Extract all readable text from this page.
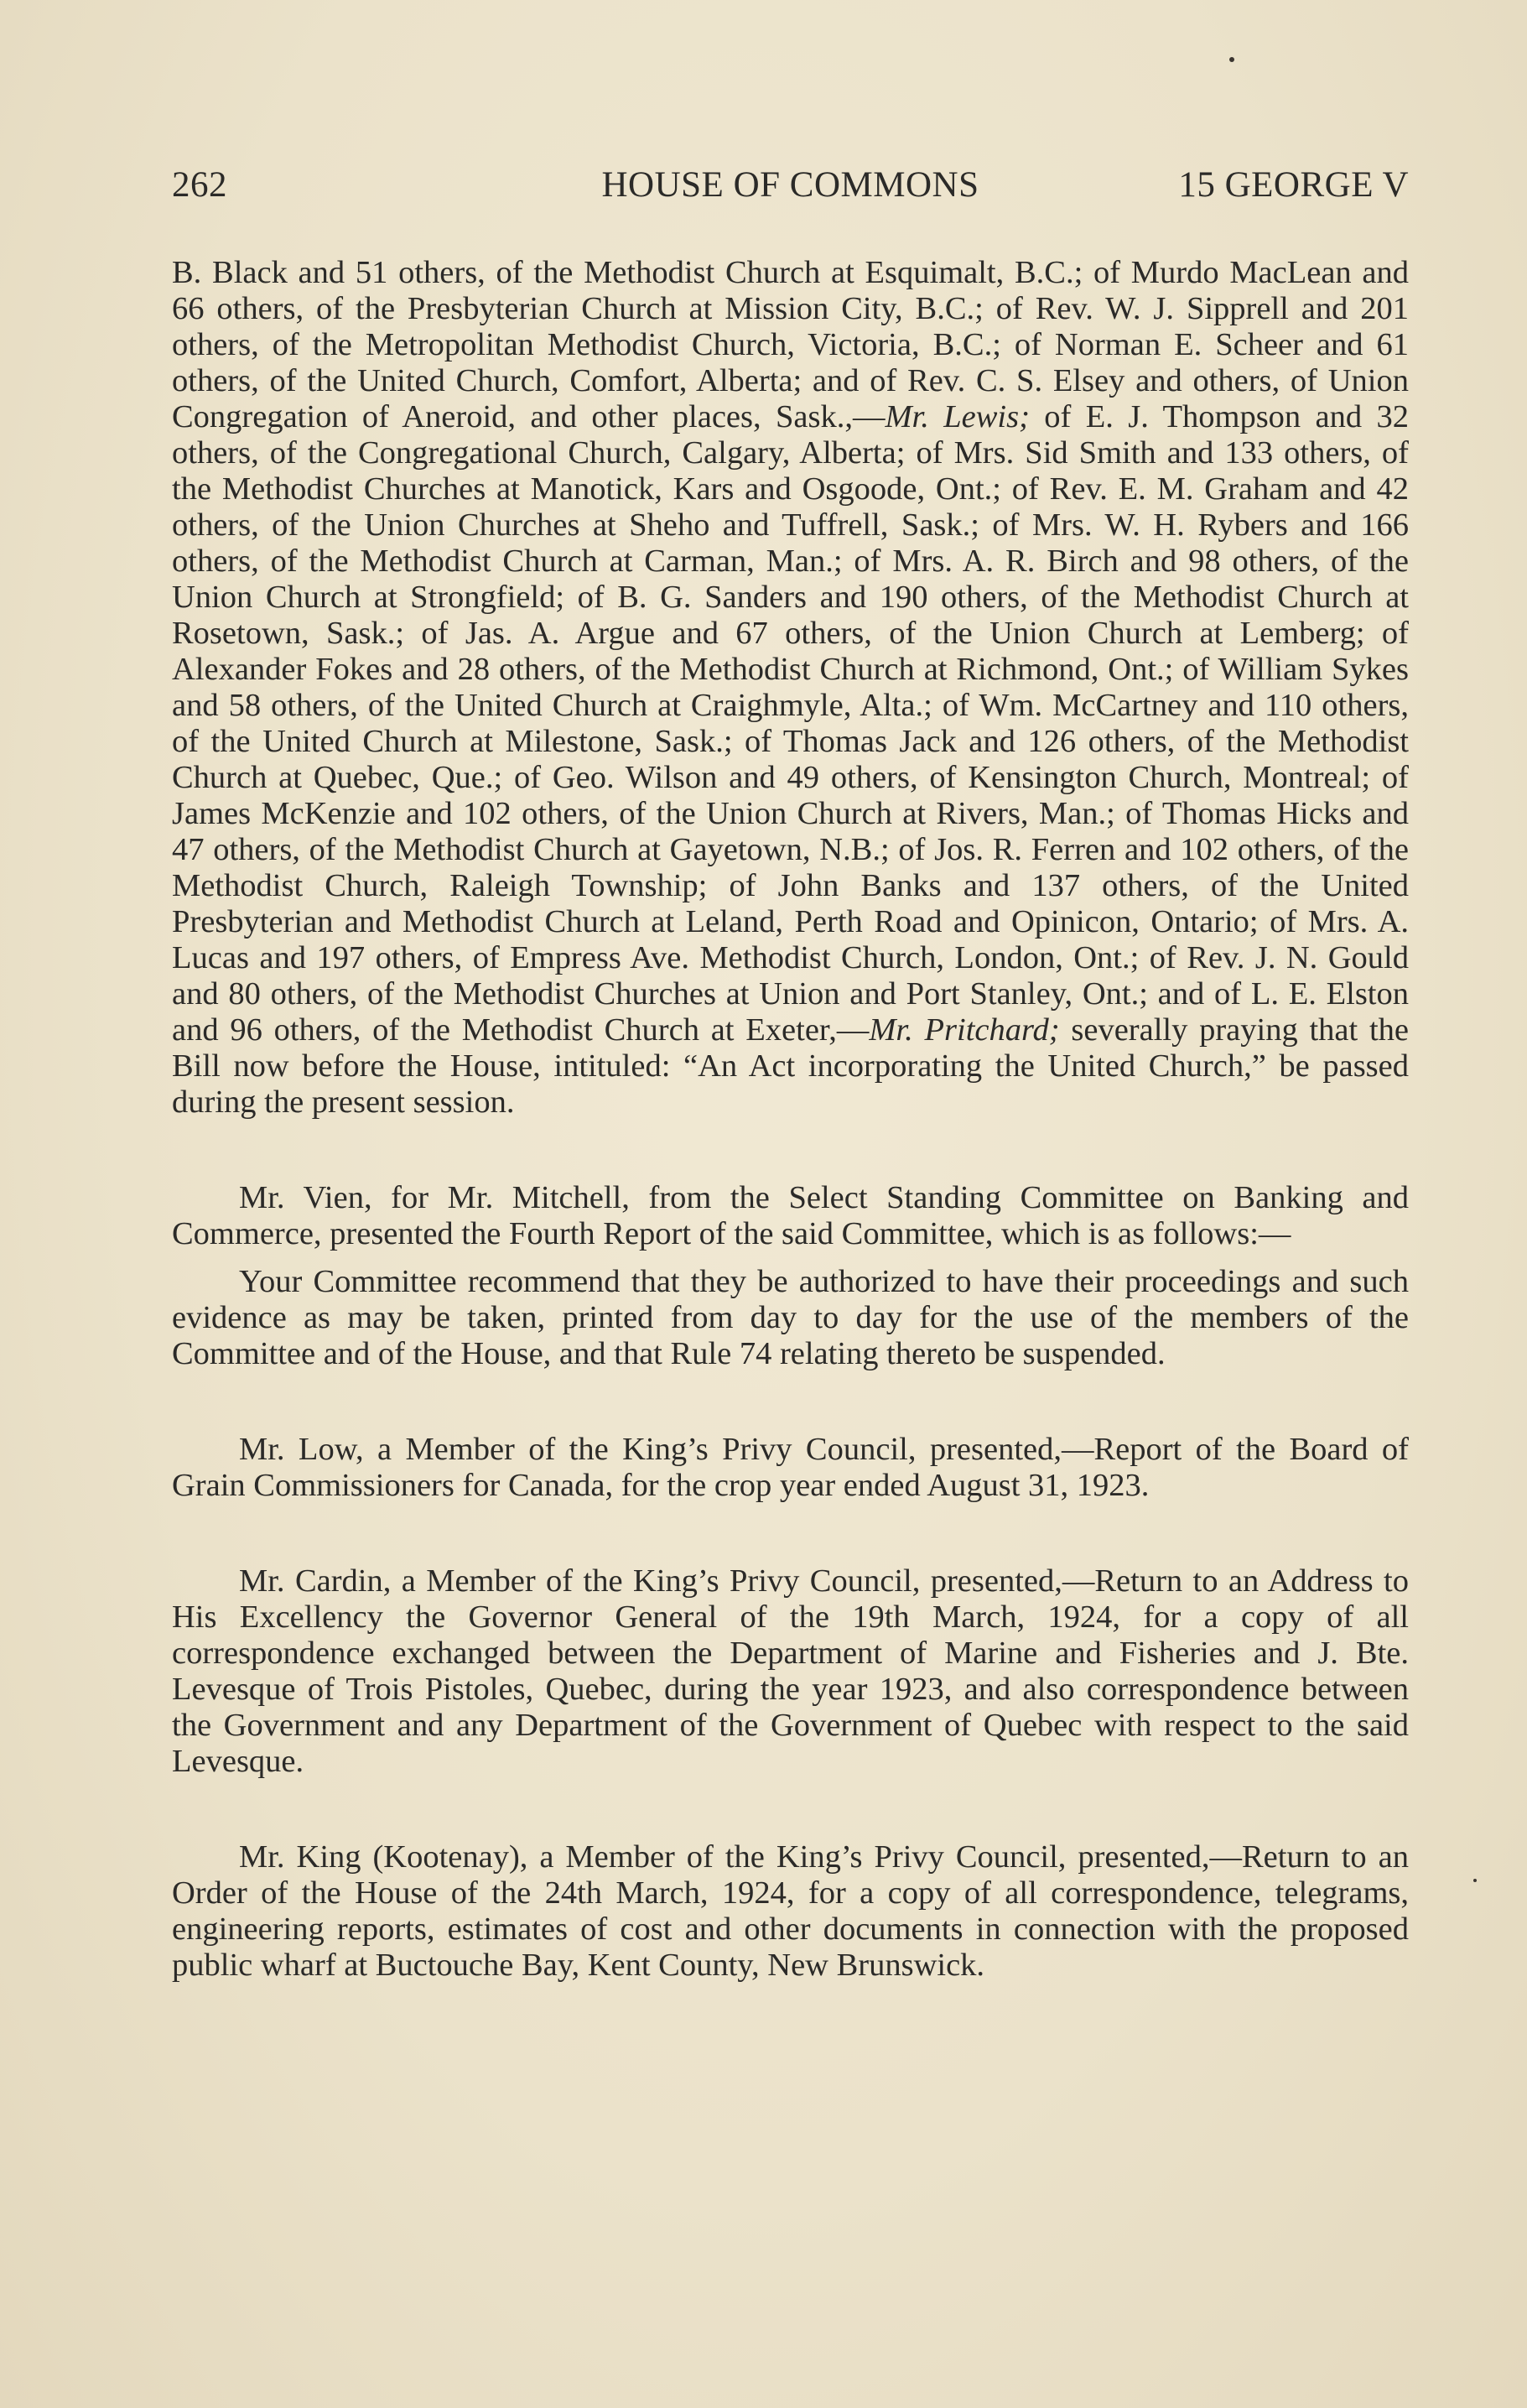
262	HOUSE OF COMMONS	15 GEORGE V

B. Black and 51 others, of the Methodist Church at Esquimalt, B.C.; of Murdo MacLean and 66 others, of the Presbyterian Church at Mission City, B.C.; of Rev. W. J. Sipprell and 201 others, of the Metropolitan Methodist Church, Victoria, B.C.; of Norman E. Scheer and 61 others, of the United Church, Comfort, Alberta; and of Rev. C. S. Elsey and others, of Union Congregation of Aneroid, and other places, Sask.,—Mr. Lewis; of E. J. Thompson and 32 others, of the Congregational Church, Calgary, Alberta; of Mrs. Sid Smith and 133 others, of the Methodist Churches at Manotick, Kars and Osgoode, Ont.; of Rev. E. M. Graham and 42 others, of the Union Churches at Sheho and Tuffrell, Sask.; of Mrs. W. H. Rybers and 166 others, of the Methodist Church at Carman, Man.; of Mrs. A. R. Birch and 98 others, of the Union Church at Strongfield; of B. G. Sanders and 190 others, of the Methodist Church at Rosetown, Sask.; of Jas. A. Argue and 67 others, of the Union Church at Lemberg; of Alexander Fokes and 28 others, of the Methodist Church at Richmond, Ont.; of William Sykes and 58 others, of the United Church at Craighmyle, Alta.; of Wm. McCartney and 110 others, of the United Church at Milestone, Sask.; of Thomas Jack and 126 others, of the Methodist Church at Quebec, Que.; of Geo. Wilson and 49 others, of Kensington Church, Montreal; of James McKenzie and 102 others, of the Union Church at Rivers, Man.; of Thomas Hicks and 47 others, of the Methodist Church at Gayetown, N.B.; of Jos. R. Ferren and 102 others, of the Methodist Church, Raleigh Township; of John Banks and 137 others, of the United Presbyterian and Methodist Church at Leland, Perth Road and Opinicon, Ontario; of Mrs. A. Lucas and 197 others, of Empress Ave. Methodist Church, London, Ont.; of Rev. J. N. Gould and 80 others, of the Methodist Churches at Union and Port Stanley, Ont.; and of L. E. Elston and 96 others, of the Methodist Church at Exeter,—Mr. Pritchard; severally praying that the Bill now before the House, intituled: “An Act incorporating the United Church,” be passed during the present session.

Mr. Vien, for Mr. Mitchell, from the Select Standing Committee on Banking and Commerce, presented the Fourth Report of the said Committee, which is as follows:—

Your Committee recommend that they be authorized to have their proceedings and such evidence as may be taken, printed from day to day for the use of the members of the Committee and of the House, and that Rule 74 relating thereto be suspended.

Mr. Low, a Member of the King’s Privy Council, presented,—Report of the Board of Grain Commissioners for Canada, for the crop year ended August 31, 1923.

Mr. Cardin, a Member of the King’s Privy Council, presented,—Return to an Address to His Excellency the Governor General of the 19th March, 1924, for a copy of all correspondence exchanged between the Department of Marine and Fisheries and J. Bte. Levesque of Trois Pistoles, Quebec, during the year 1923, and also correspondence between the Government and any Department of the Government of Quebec with respect to the said Levesque.

Mr. King (Kootenay), a Member of the King’s Privy Council, presented,—Return to an Order of the House of the 24th March, 1924, for a copy of all correspondence, telegrams, engineering reports, estimates of cost and other documents in connection with the proposed public wharf at Buctouche Bay, Kent County, New Brunswick.
